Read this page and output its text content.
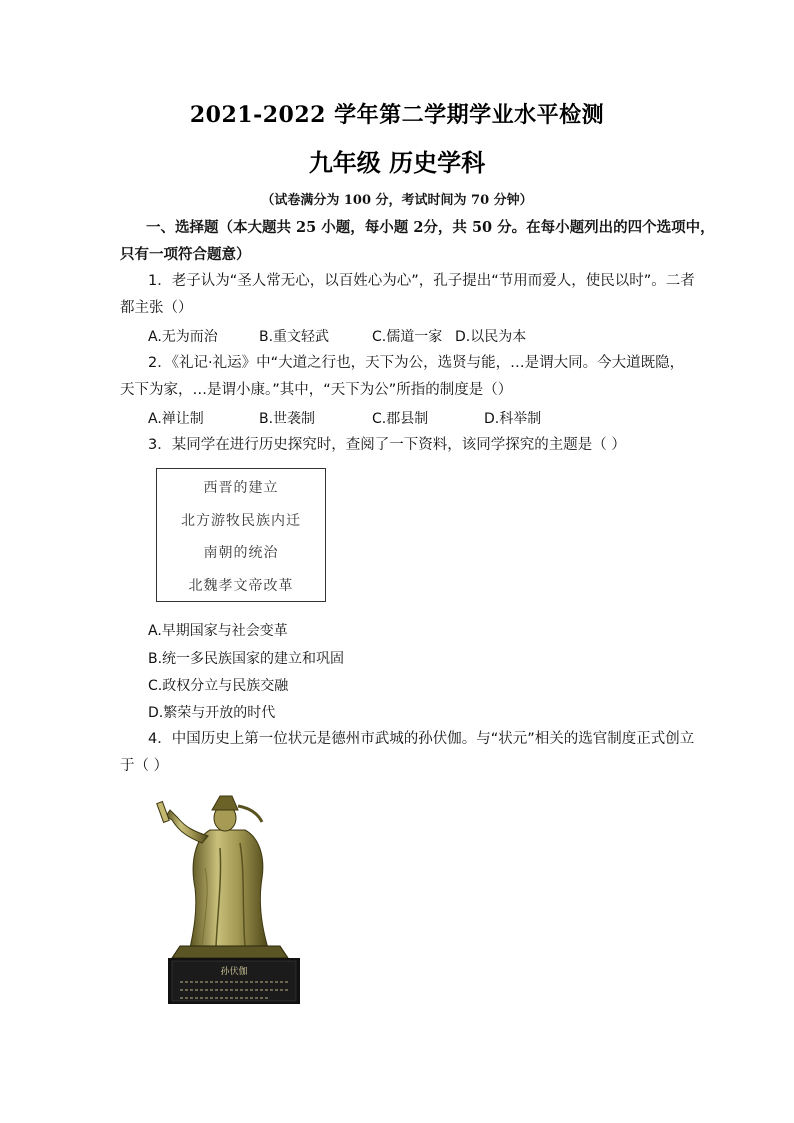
2021-2022 学年第二学期学业水平检测
九年级 历史学科
（试卷满分为 100 分，考试时间为 70 分钟）
一、选择题（本大题共 25 小题，每小题 2分，共 50 分。在每小题列出的四个选项中，
只有一项符合题意）
1．老子认为“圣人常无心，以百姓心为心”，孔子提出“节用而爱人，使民以时”。二者
都主张（）
A.无为而治	B.重文轻武	C.儒道一家 D.以民为本
2．《礼记·礼运》中“大道之行也，天下为公，选贤与能，…是谓大同。今大道既隐，
天下为家，…是谓小康。”其中，“天下为公”所指的制度是（）
A.禅让制	B.世袭制	C.郡县制	D.科举制
3．某同学在进行历史探究时，查阅了一下资料，该同学探究的主题是（ ）
西晋的建立
北方游牧民族内迁
南朝的统治
北魏孝文帝改革
A.早期国家与社会变革
B.统一多民族国家的建立和巩固
C.政权分立与民族交融
D.繁荣与开放的时代
4．中国历史上第一位状元是德州市武城的孙伏伽。与“状元”相关的选官制度正式创立
于（ ）
孙伏伽
